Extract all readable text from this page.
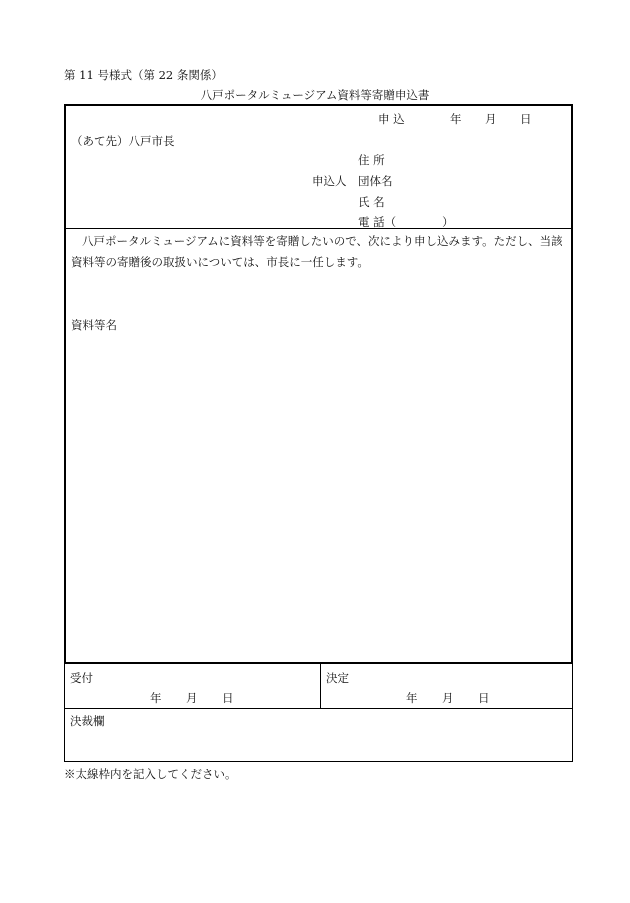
第 11 号様式（第 22 条関係）
八戸ポータルミュージアム資料等寄贈申込書
申 込	年 月 日
（あて先）八戸市長
住 所
申込人 団体名
氏 名
電 話（　　　　）
八戸ポータルミュージアムに資料等を寄贈したいので、次により申し込みます。ただし、当該資料等の寄贈後の取扱いについては、市長に一任します。
資料等名
受付
年 月 日
決定
年 月 日
決裁欄
※太線枠内を記入してください。
